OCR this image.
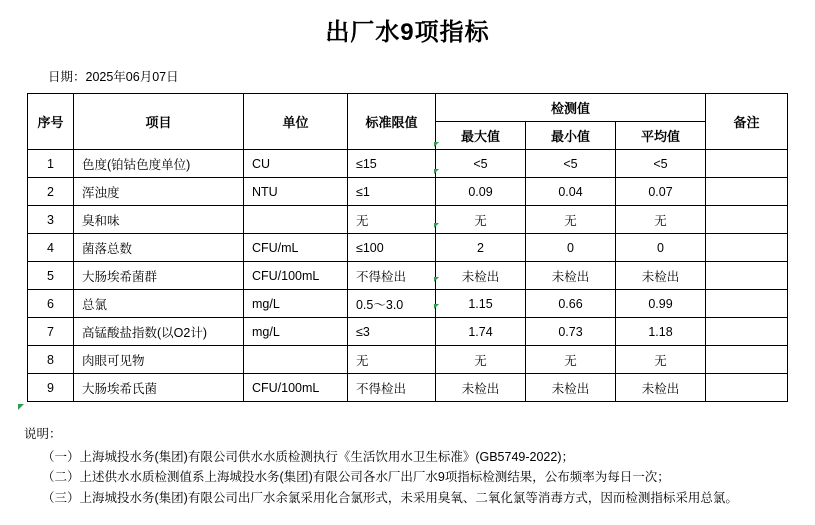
出厂水9项指标
日期：2025年06月07日
序号	项目	单位	标准限值	检测值			备注
				最大值	最小值	平均值	
1	色度(铂钴色度单位)	CU	≤15	<5	<5	<5	
2	浑浊度	NTU	≤1	0.09	0.04	0.07	
3	臭和味		无	无	无	无	
4	菌落总数	CFU/mL	≤100	2	0	0	
5	大肠埃希菌群	CFU/100mL	不得检出	未检出	未检出	未检出	
6	总氯	mg/L	0.5～3.0	1.15	0.66	0.99	
7	高锰酸盐指数(以O2计)	mg/L	≤3	1.74	0.73	1.18	
8	肉眼可见物		无	无	无	无	
9	大肠埃希氏菌	CFU/100mL	不得检出	未检出	未检出	未检出	
说明：
（一）上海城投水务(集团)有限公司供水水质检测执行《生活饮用水卫生标准》(GB5749-2022)；
（二）上述供水水质检测值系上海城投水务(集团)有限公司各水厂出厂水9项指标检测结果，公布频率为每日一次；
（三）上海城投水务(集团)有限公司出厂水余氯采用化合氯形式，未采用臭氧、二氧化氯等消毒方式，因而检测指标采用总氯。
